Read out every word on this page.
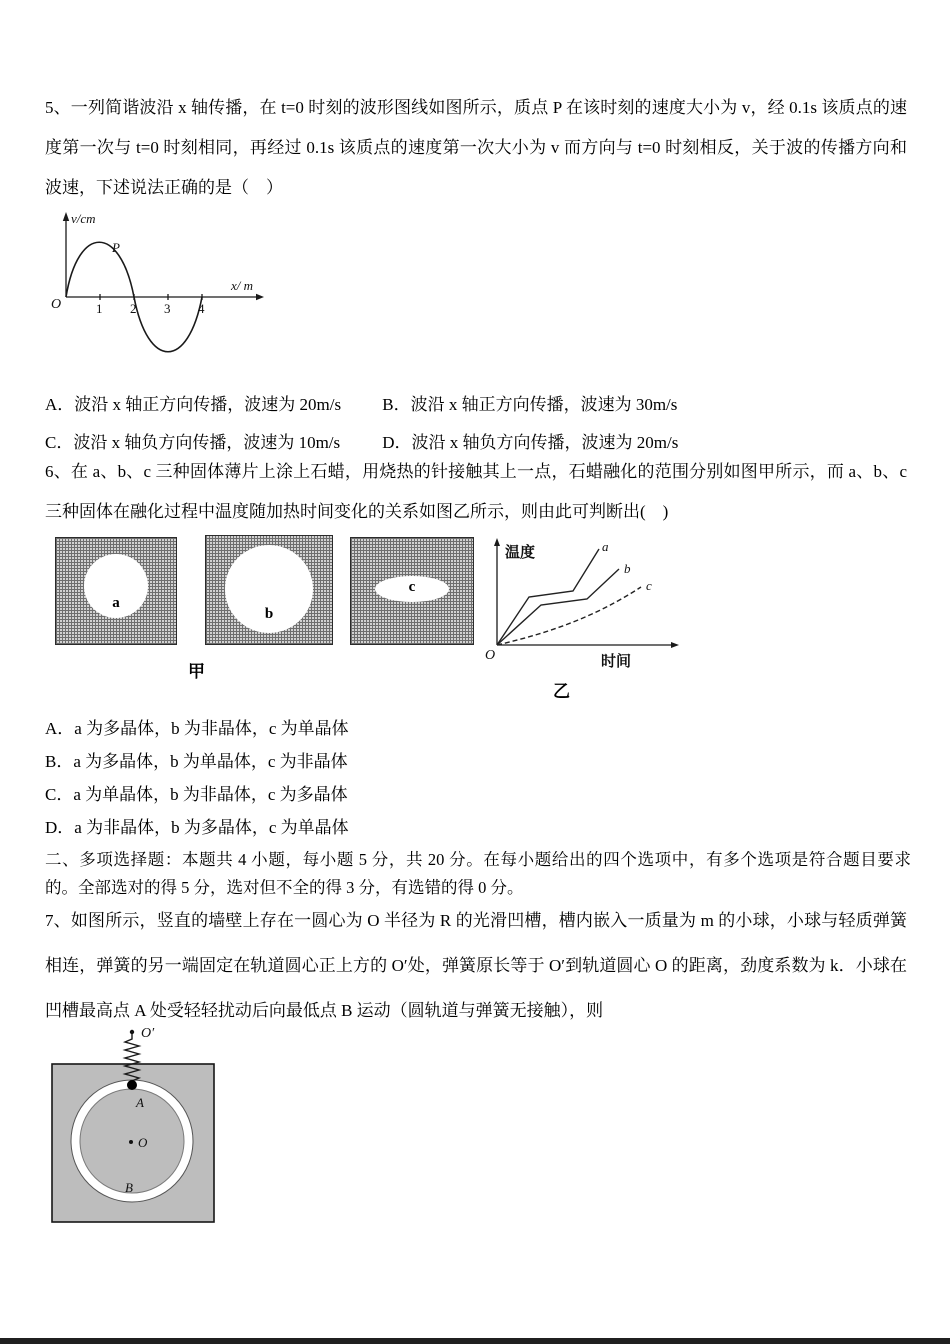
5、一列简谐波沿 x 轴传播，在 t=0 时刻的波形图线如图所示，质点 P 在该时刻的速度大小为 v，经 0.1s 该质点的速度第一次与 t=0 时刻相同，再经过 0.1s 该质点的速度第一次大小为 v 而方向与 t=0 时刻相反，关于波的传播方向和波速，下述说法正确的是（　）
v/cm
x/ m
O
P
1 2 3 4
A．波沿 x 轴正方向传播，波速为 20m/s B．波沿 x 轴正方向传播，波速为 30m/s
C．波沿 x 轴负方向传播，波速为 10m/s D．波沿 x 轴负方向传播，波速为 20m/s
6、在 a、b、c 三种固体薄片上涂上石蜡，用烧热的针接触其上一点，石蜡融化的范围分别如图甲所示，而 a、b、c 三种固体在融化过程中温度随加热时间变化的关系如图乙所示，则由此可判断出(　)
a
b
c
甲
a
b
c
温度
时间
O
乙
A．a 为多晶体，b 为非晶体，c 为单晶体
B．a 为多晶体，b 为单晶体，c 为非晶体
C．a 为单晶体，b 为非晶体，c 为多晶体
D．a 为非晶体，b 为多晶体，c 为单晶体
二、多项选择题：本题共 4 小题，每小题 5 分，共 20 分。在每小题给出的四个选项中，有多个选项是符合题目要求的。全部选对的得 5 分，选对但不全的得 3 分，有选错的得 0 分。
7、如图所示，竖直的墙壁上存在一圆心为 O 半径为 R 的光滑凹槽，槽内嵌入一质量为 m 的小球，小球与轻质弹簧相连，弹簧的另一端固定在轨道圆心正上方的 O′处，弹簧原长等于 O′到轨道圆心 O 的距离，劲度系数为 k．小球在凹槽最高点 A 处受轻轻扰动后向最低点 B 运动（圆轨道与弹簧无接触），则
O′
A
O
B
